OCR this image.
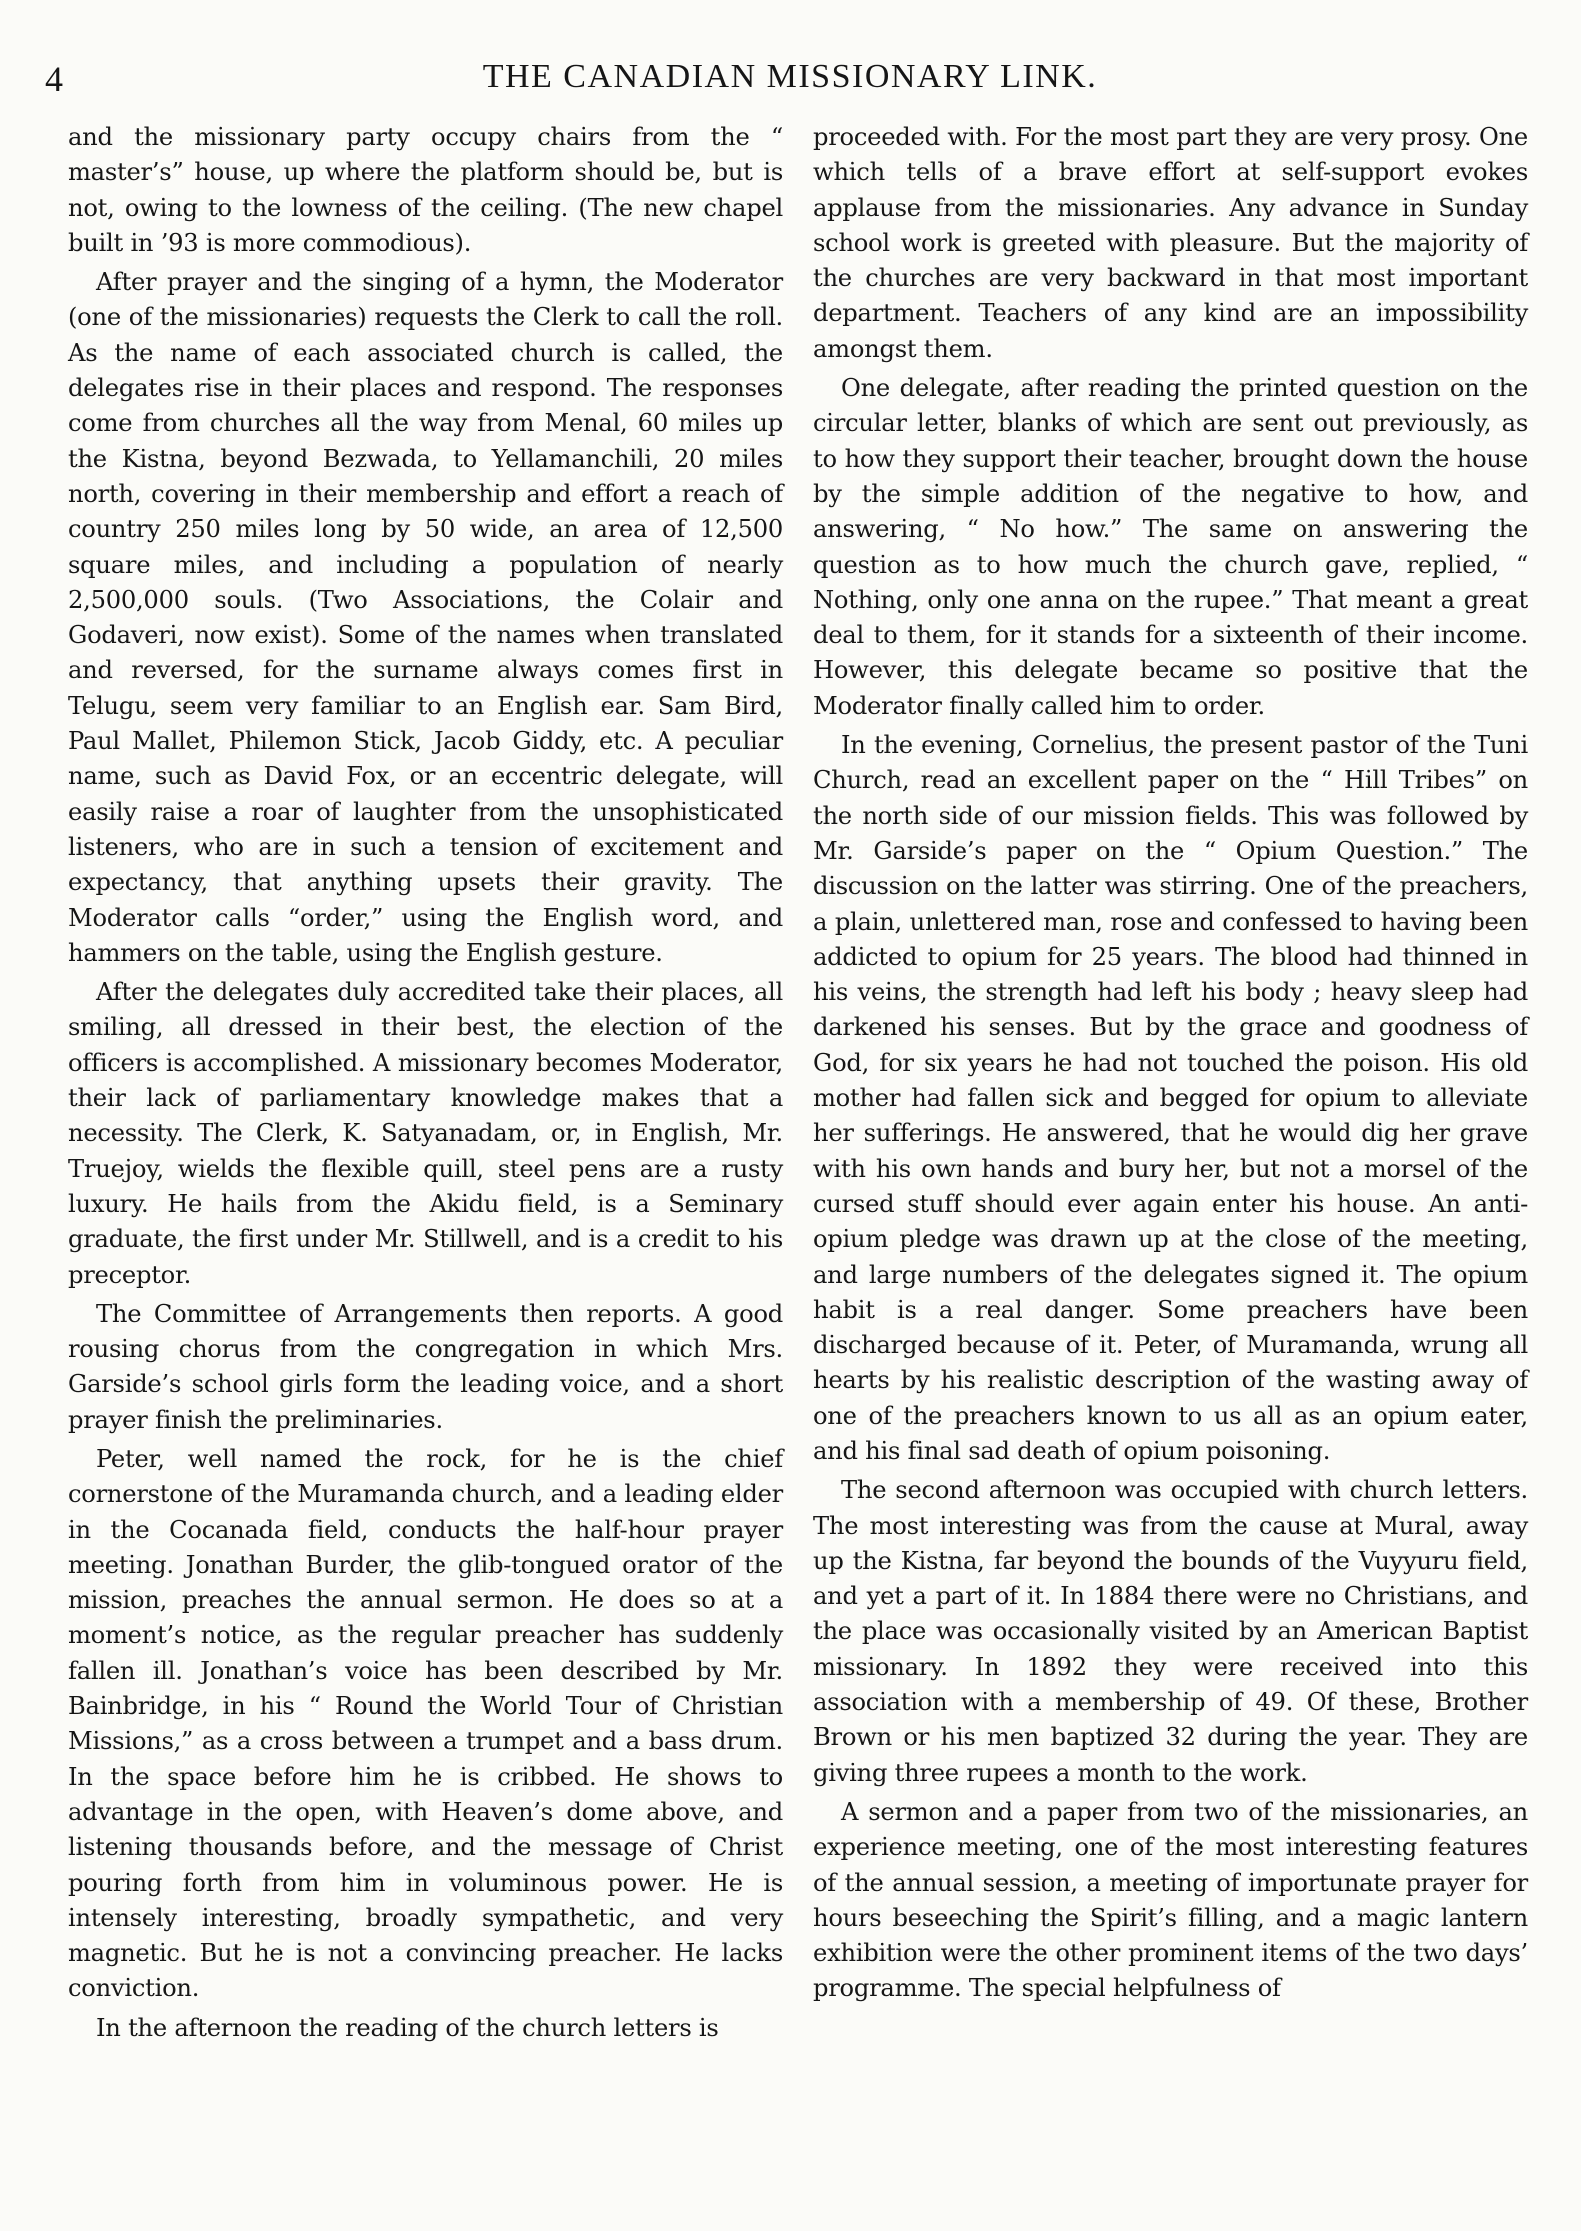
4	THE CANADIAN MISSIONARY LINK.

and the missionary party occupy chairs from the “ master’s” house, up where the platform should be, but is not, owing to the lowness of the ceiling. (The new chapel built in ’93 is more commodious).

After prayer and the singing of a hymn, the Moderator (one of the missionaries) requests the Clerk to call the roll. As the name of each associated church is called, the delegates rise in their places and respond. The responses come from churches all the way from Menal, 60 miles up the Kistna, beyond Bezwada, to Yellamanchili, 20 miles north, covering in their membership and effort a reach of country 250 miles long by 50 wide, an area of 12,500 square miles, and including a population of nearly 2,500,000 souls. (Two Associations, the Colair and Godaveri, now exist). Some of the names when translated and reversed, for the surname always comes first in Telugu, seem very familiar to an English ear. Sam Bird, Paul Mallet, Philemon Stick, Jacob Giddy, etc. A peculiar name, such as David Fox, or an eccentric delegate, will easily raise a roar of laughter from the unsophisticated listeners, who are in such a tension of excitement and expectancy, that anything upsets their gravity. The Moderator calls “order,” using the English word, and hammers on the table, using the English gesture.

After the delegates duly accredited take their places, all smiling, all dressed in their best, the election of the officers is accomplished. A missionary becomes Moderator, their lack of parliamentary knowledge makes that a necessity. The Clerk, K. Satyanadam, or, in English, Mr. Truejoy, wields the flexible quill, steel pens are a rusty luxury. He hails from the Akidu field, is a Seminary graduate, the first under Mr. Stillwell, and is a credit to his preceptor.

The Committee of Arrangements then reports. A good rousing chorus from the congregation in which Mrs. Garside’s school girls form the leading voice, and a short prayer finish the preliminaries.

Peter, well named the rock, for he is the chief cornerstone of the Muramanda church, and a leading elder in the Cocanada field, conducts the half-hour prayer meeting. Jonathan Burder, the glib-tongued orator of the mission, preaches the annual sermon. He does so at a moment’s notice, as the regular preacher has suddenly fallen ill. Jonathan’s voice has been described by Mr. Bainbridge, in his “ Round the World Tour of Christian Missions,” as a cross between a trumpet and a bass drum. In the space before him he is cribbed. He shows to advantage in the open, with Heaven’s dome above, and listening thousands before, and the message of Christ pouring forth from him in voluminous power. He is intensely interesting, broadly sympathetic, and very magnetic. But he is not a convincing preacher. He lacks conviction.

In the afternoon the reading of the church letters is

proceeded with. For the most part they are very prosy. One which tells of a brave effort at self-support evokes applause from the missionaries. Any advance in Sunday school work is greeted with pleasure. But the majority of the churches are very backward in that most important department. Teachers of any kind are an impossibility amongst them.

One delegate, after reading the printed question on the circular letter, blanks of which are sent out previously, as to how they support their teacher, brought down the house by the simple addition of the negative to how, and answering, “ No how.” The same on answering the question as to how much the church gave, replied, “ Nothing, only one anna on the rupee.” That meant a great deal to them, for it stands for a sixteenth of their income. However, this delegate became so positive that the Moderator finally called him to order.

In the evening, Cornelius, the present pastor of the Tuni Church, read an excellent paper on the “ Hill Tribes” on the north side of our mission fields. This was followed by Mr. Garside’s paper on the “ Opium Question.” The discussion on the latter was stirring. One of the preachers, a plain, unlettered man, rose and confessed to having been addicted to opium for 25 years. The blood had thinned in his veins, the strength had left his body ; heavy sleep had darkened his senses. But by the grace and goodness of God, for six years he had not touched the poison. His old mother had fallen sick and begged for opium to alleviate her sufferings. He answered, that he would dig her grave with his own hands and bury her, but not a morsel of the cursed stuff should ever again enter his house. An anti-opium pledge was drawn up at the close of the meeting, and large numbers of the delegates signed it. The opium habit is a real danger. Some preachers have been discharged because of it. Peter, of Muramanda, wrung all hearts by his realistic description of the wasting away of one of the preachers known to us all as an opium eater, and his final sad death of opium poisoning.

The second afternoon was occupied with church letters. The most interesting was from the cause at Mural, away up the Kistna, far beyond the bounds of the Vuyyuru field, and yet a part of it. In 1884 there were no Christians, and the place was occasionally visited by an American Baptist missionary. In 1892 they were received into this association with a membership of 49. Of these, Brother Brown or his men baptized 32 during the year. They are giving three rupees a month to the work.

A sermon and a paper from two of the missionaries, an experience meeting, one of the most interesting features of the annual session, a meeting of importunate prayer for hours beseeching the Spirit’s filling, and a magic lantern exhibition were the other prominent items of the two days’ programme. The special helpfulness of
